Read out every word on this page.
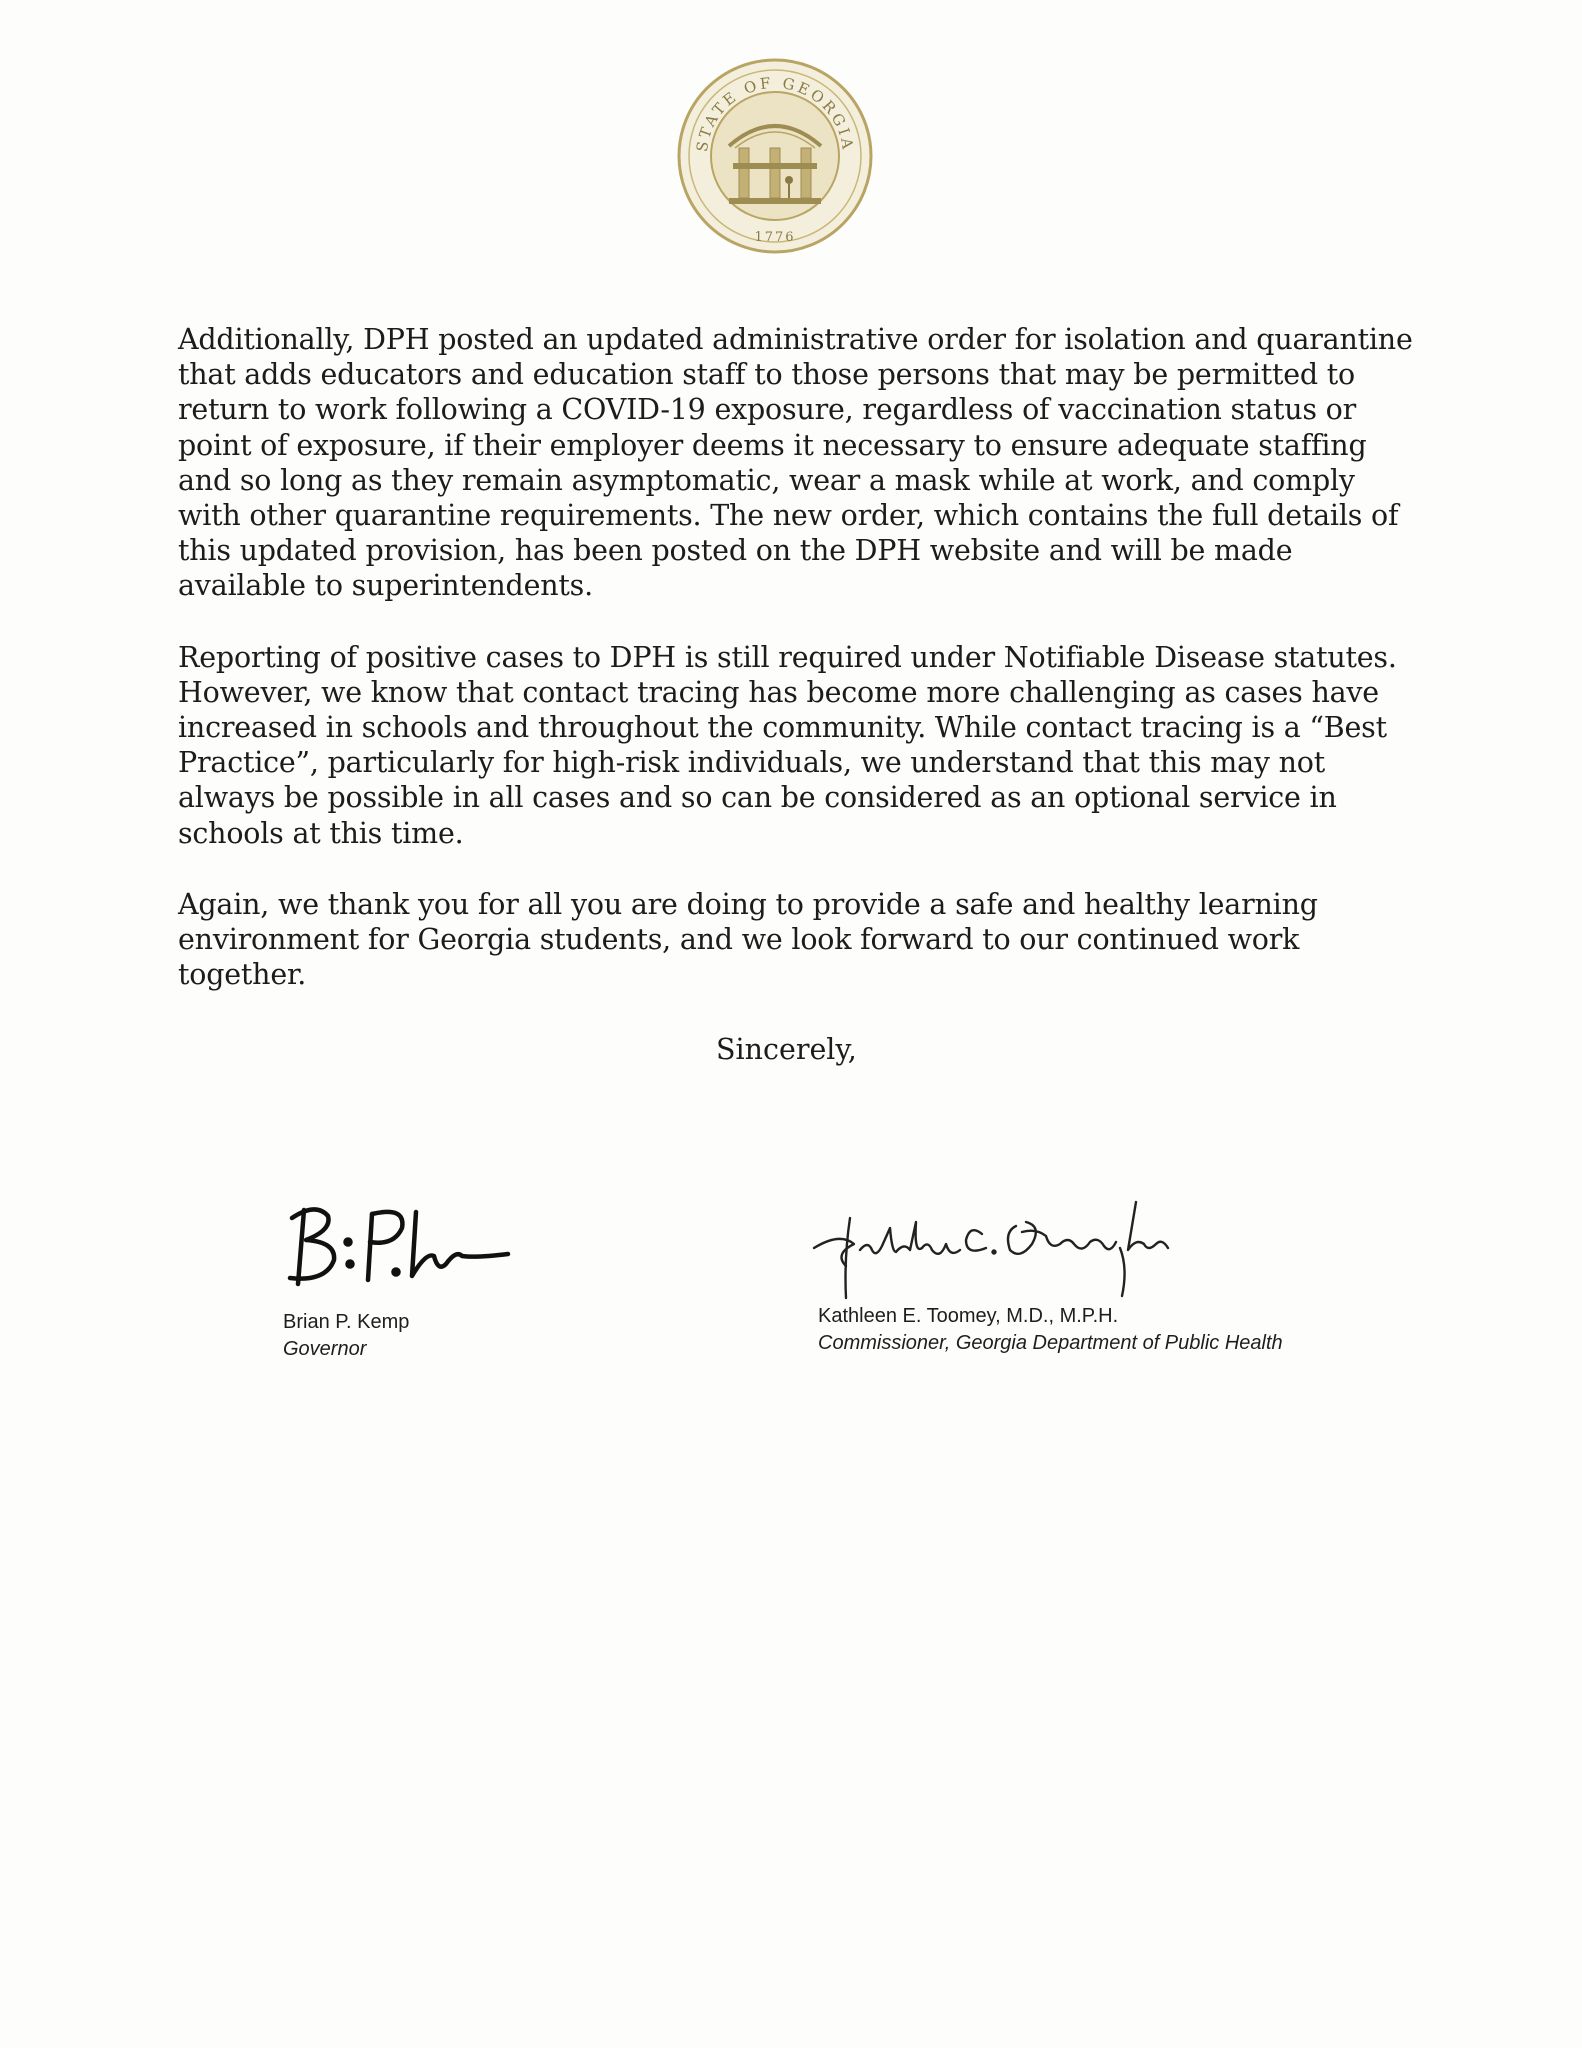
STATE OF GEORGIA
1776

Additionally, DPH posted an updated administrative order for isolation and quarantine that adds educators and education staff to those persons that may be permitted to return to work following a COVID-19 exposure, regardless of vaccination status or point of exposure, if their employer deems it necessary to ensure adequate staffing and so long as they remain asymptomatic, wear a mask while at work, and comply with other quarantine requirements. The new order, which contains the full details of this updated provision, has been posted on the DPH website and will be made available to superintendents.

Reporting of positive cases to DPH is still required under Notifiable Disease statutes. However, we know that contact tracing has become more challenging as cases have increased in schools and throughout the community. While contact tracing is a “Best Practice”, particularly for high-risk individuals, we understand that this may not always be possible in all cases and so can be considered as an optional service in schools at this time.

Again, we thank you for all you are doing to provide a safe and healthy learning environment for Georgia students, and we look forward to our continued work together.

Sincerely,
Brian P. Kemp
Governor
Kathleen E. Toomey, M.D., M.P.H.
Commissioner, Georgia Department of Public Health
